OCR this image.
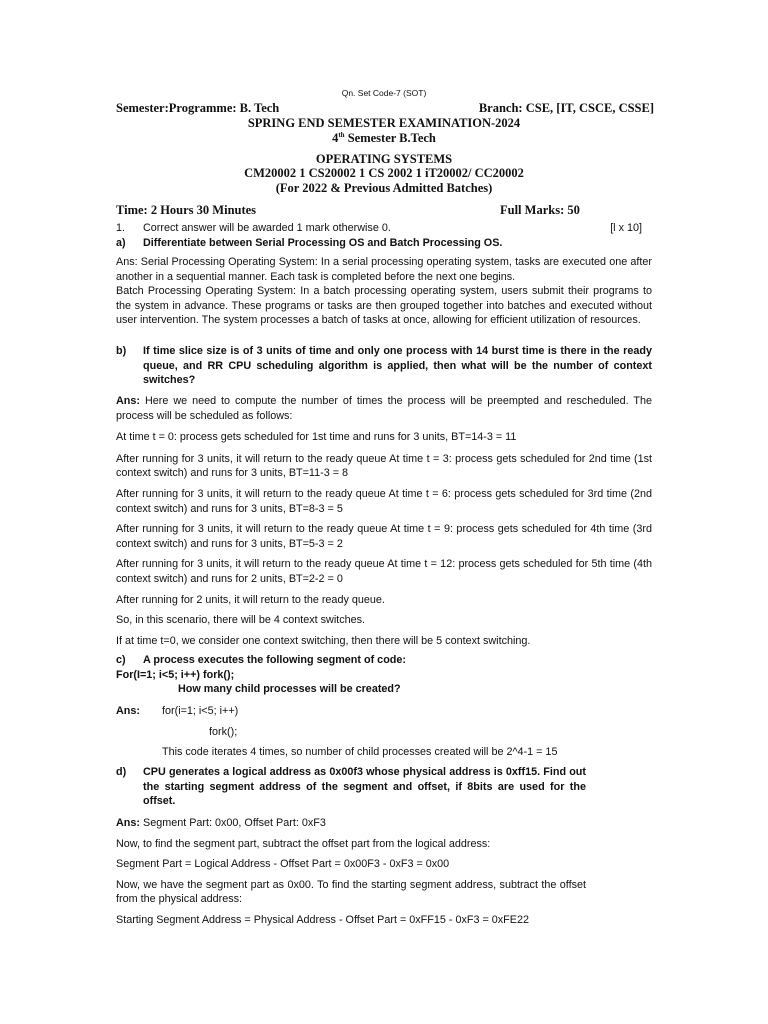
Qn. Set Code-7 (SOT)
Semester:Programme: B. Tech	Branch: CSE, [IT, CSCE, CSSE]
SPRING END SEMESTER EXAMINATION-2024
4th Semester B.Tech
OPERATING SYSTEMS
CM20002 1 CS20002 1 CS 2002 1 iT20002/ CC20002
(For 2022 & Previous Admitted Batches)
Time: 2 Hours 30 Minutes	Full Marks: 50

1. Correct answer will be awarded 1 mark otherwise 0.	[l x 10]

a) Differentiate between Serial Processing OS and Batch Processing OS.

Ans: Serial Processing Operating System: In a serial processing operating system, tasks are executed one after another in a sequential manner. Each task is completed before the next one begins.

Batch Processing Operating System: In a batch processing operating system, users submit their programs to the system in advance. These programs or tasks are then grouped together into batches and executed without user intervention. The system processes a batch of tasks at once, allowing for efficient utilization of resources.

b) If time slice size is of 3 units of time and only one process with 14 burst time is there in the ready queue, and RR CPU scheduling algorithm is applied, then what will be the number of context switches?

Ans: Here we need to compute the number of times the process will be preempted and rescheduled. The process will be scheduled as follows:

At time t = 0: process gets scheduled for 1st time and runs for 3 units, BT=14-3 = 11

After running for 3 units, it will return to the ready queue At time t = 3: process gets scheduled for 2nd time (1st context switch) and runs for 3 units, BT=11-3 = 8

After running for 3 units, it will return to the ready queue At time t = 6: process gets scheduled for 3rd time (2nd context switch) and runs for 3 units, BT=8-3 = 5

After running for 3 units, it will return to the ready queue At time t = 9: process gets scheduled for 4th time (3rd context switch) and runs for 3 units, BT=5-3 = 2

After running for 3 units, it will return to the ready queue At time t = 12: process gets scheduled for 5th time (4th context switch) and runs for 2 units, BT=2-2 = 0

After running for 2 units, it will return to the ready queue.

So, in this scenario, there will be 4 context switches.

If at time t=0, we consider one context switching, then there will be 5 context switching.

c) A process executes the following segment of code:

For(I=1; i<5; i++) fork();

How many child processes will be created?

Ans: for(i=1; i<5; i++)

fork();

This code iterates 4 times, so number of child processes created will be 2^4-1 = 15

d) CPU generates a logical address as 0x00f3 whose physical address is 0xff15. Find out the starting segment address of the segment and offset, if 8bits are used for the offset.

Ans: Segment Part: 0x00, Offset Part: 0xF3

Now, to find the segment part, subtract the offset part from the logical address:

Segment Part = Logical Address - Offset Part = 0x00F3 - 0xF3 = 0x00

Now, we have the segment part as 0x00. To find the starting segment address, subtract the offset from the physical address:

Starting Segment Address = Physical Address - Offset Part = 0xFF15 - 0xF3 = 0xFE22
